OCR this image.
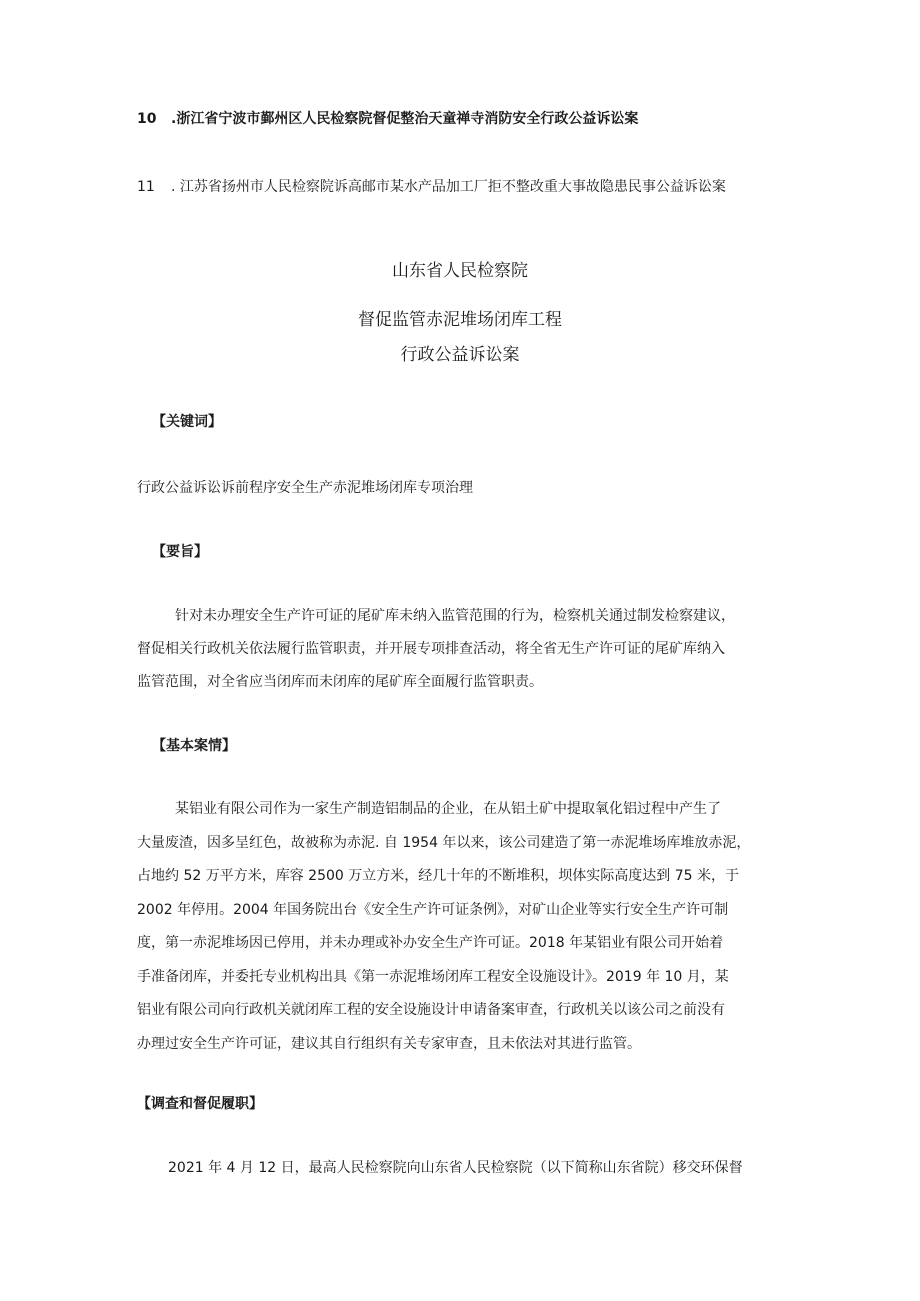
10 .浙江省宁波市鄞州区人民检察院督促整治天童禅寺消防安全行政公益诉讼案
11 . 江苏省扬州市人民检察院诉高邮市某水产品加工厂拒不整改重大事故隐患民事公益诉讼案
山东省人民检察院
督促监管赤泥堆场闭库工程
行政公益诉讼案
【关键词】
行政公益诉讼诉前程序安全生产赤泥堆场闭库专项治理
【要旨】
针对未办理安全生产许可证的尾矿库未纳入监管范围的行为，检察机关通过制发检察建议，
督促相关行政机关依法履行监管职责，并开展专项排查活动，将全省无生产许可证的尾矿库纳入
监管范围，对全省应当闭库而未闭库的尾矿库全面履行监管职责。
【基本案情】
某铝业有限公司作为一家生产制造铝制品的企业，在从铝土矿中提取氧化铝过程中产生了
大量废渣，因多呈红色，故被称为赤泥. 自 1954 年以来，该公司建造了第一赤泥堆场库堆放赤泥，
占地约 52 万平方米，库容 2500 万立方米，经几十年的不断堆积，坝体实际高度达到 75 米，于
2002 年停用。2004 年国务院出台《安全生产许可证条例》，对矿山企业等实行安全生产许可制
度，第一赤泥堆场因已停用，并未办理或补办安全生产许可证。2018 年某铝业有限公司开始着
手准备闭库，并委托专业机构出具《第一赤泥堆场闭库工程安全设施设计》。2019 年 10 月，某
铝业有限公司向行政机关就闭库工程的安全设施设计申请备案审查，行政机关以该公司之前没有
办理过安全生产许可证，建议其自行组织有关专家审查，且未依法对其进行监管。
【调查和督促履职】
2021 年 4 月 12 日，最高人民检察院向山东省人民检察院（以下简称山东省院）移交环保督
